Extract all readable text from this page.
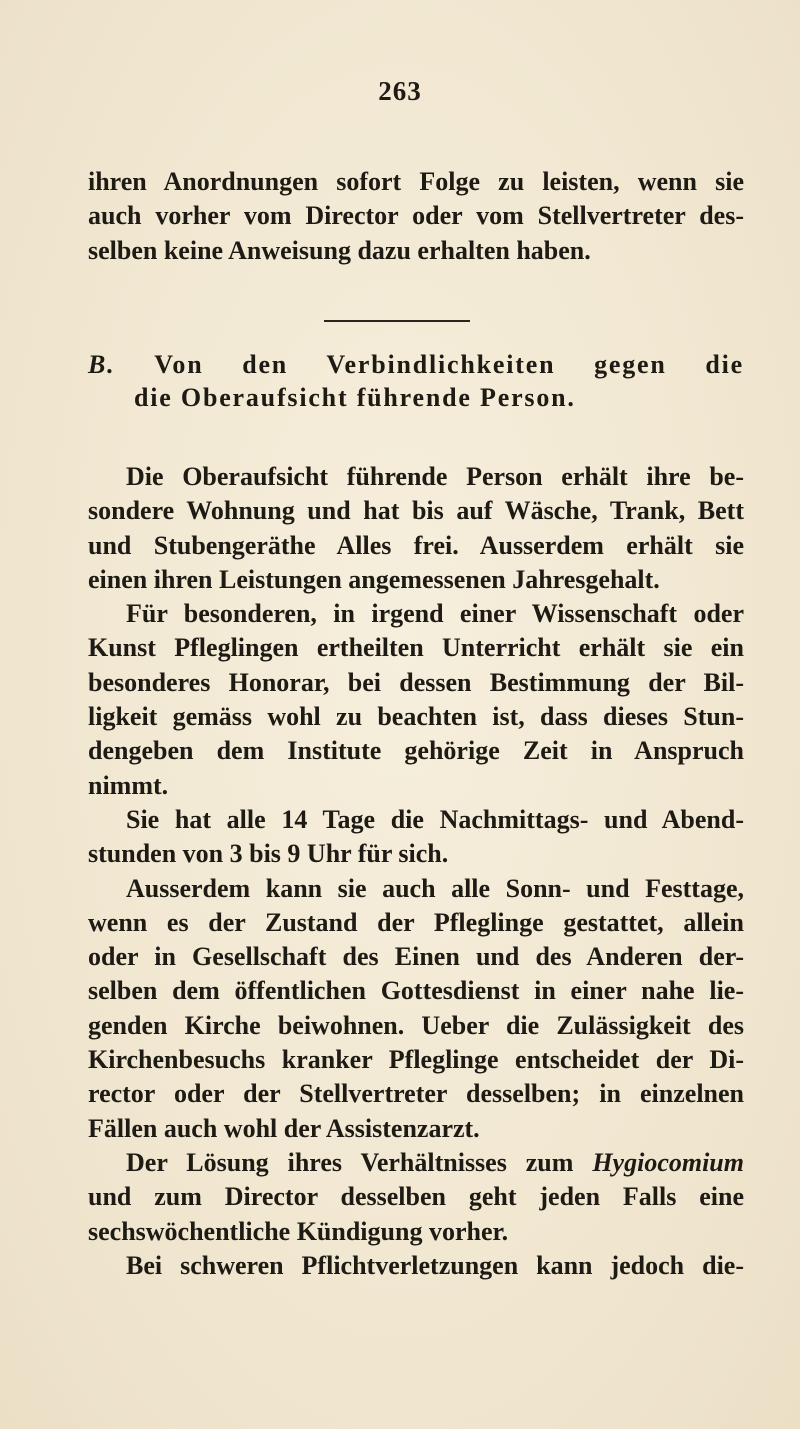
263
ihren Anordnungen sofort Folge zu leisten, wenn sie
auch vorher vom Director oder vom Stellvertreter des-
selben keine Anweisung dazu erhalten haben.
B. Von den Verbindlichkeiten gegen die
die Oberaufsicht führende Person.
Die Oberaufsicht führende Person erhält ihre be-
sondere Wohnung und hat bis auf Wäsche, Trank, Bett
und Stubengeräthe Alles frei. Ausserdem erhält sie
einen ihren Leistungen angemessenen Jahresgehalt.
Für besonderen, in irgend einer Wissenschaft oder
Kunst Pfleglingen ertheilten Unterricht erhält sie ein
besonderes Honorar, bei dessen Bestimmung der Bil-
ligkeit gemäss wohl zu beachten ist, dass dieses Stun-
dengeben dem Institute gehörige Zeit in Anspruch
nimmt.
Sie hat alle 14 Tage die Nachmittags- und Abend-
stunden von 3 bis 9 Uhr für sich.
Ausserdem kann sie auch alle Sonn- und Festtage,
wenn es der Zustand der Pfleglinge gestattet, allein
oder in Gesellschaft des Einen und des Anderen der-
selben dem öffentlichen Gottesdienst in einer nahe lie-
genden Kirche beiwohnen. Ueber die Zulässigkeit des
Kirchenbesuchs kranker Pfleglinge entscheidet der Di-
rector oder der Stellvertreter desselben; in einzelnen
Fällen auch wohl der Assistenzarzt.
Der Lösung ihres Verhältnisses zum Hygiocomium
und zum Director desselben geht jeden Falls eine
sechswöchentliche Kündigung vorher.
Bei schweren Pflichtverletzungen kann jedoch die-
